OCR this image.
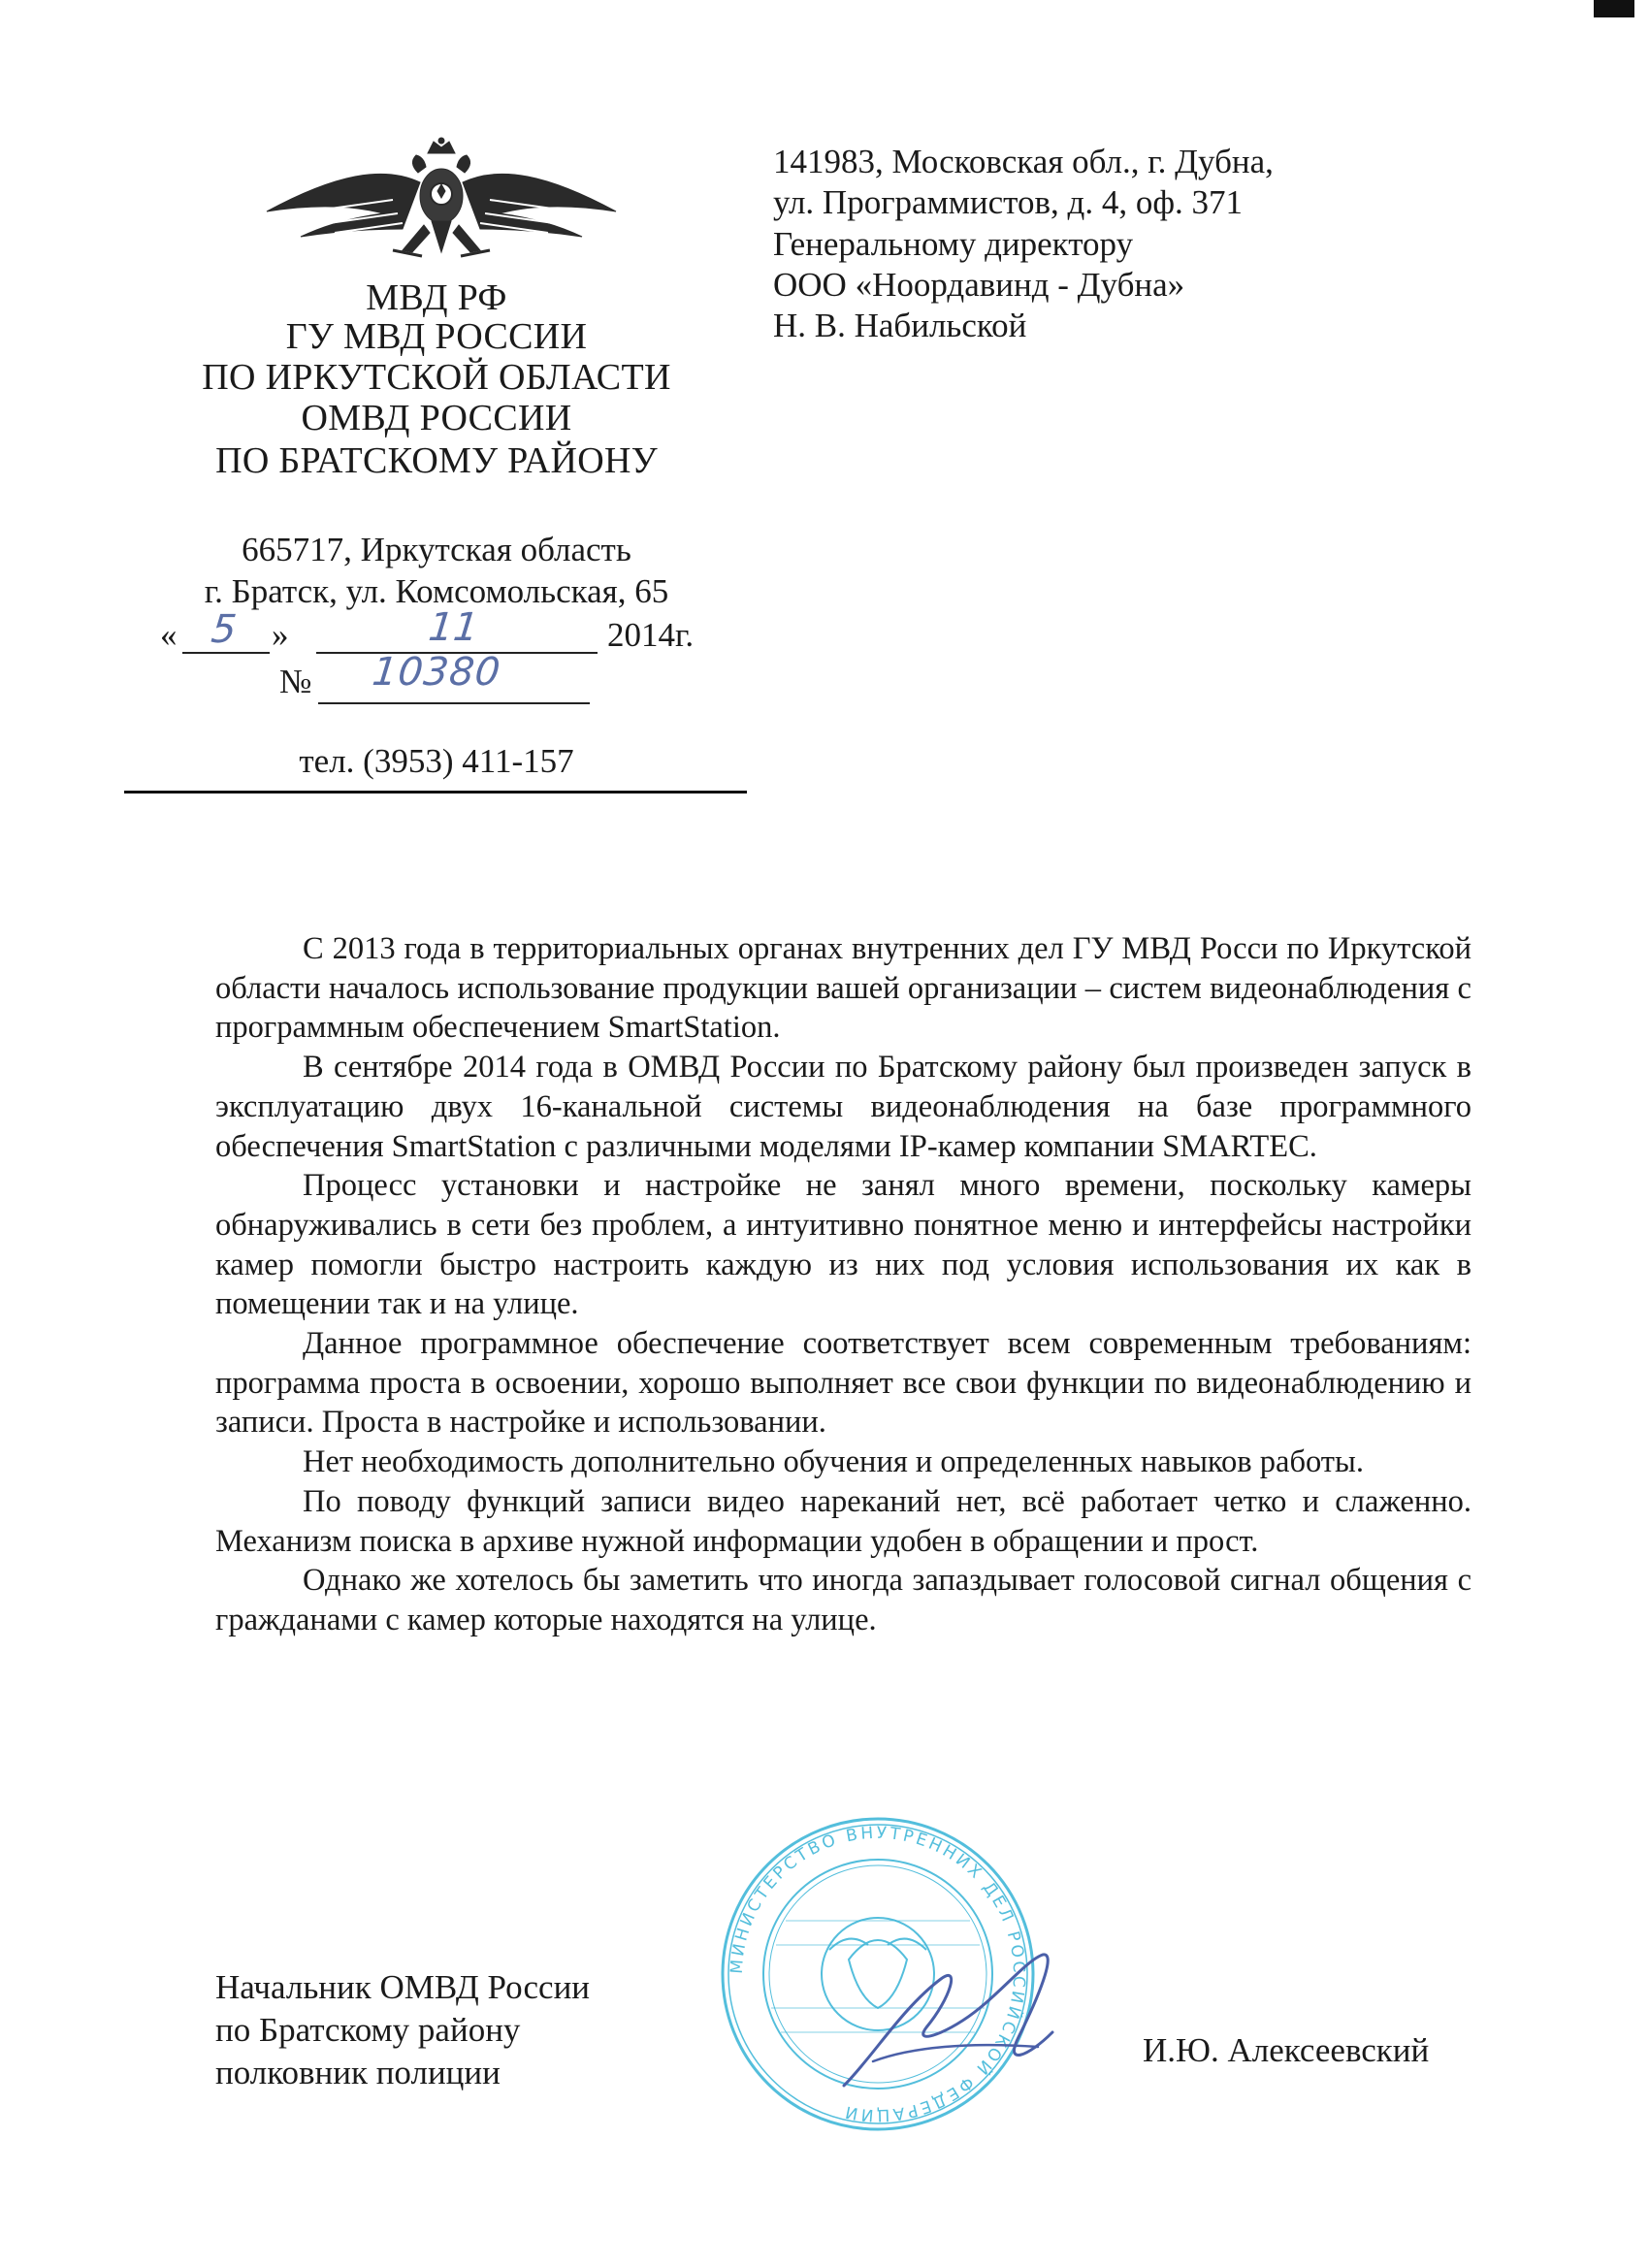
МВД РФ
ГУ МВД РОССИИ
ПО ИРКУТСКОЙ ОБЛАСТИ
ОМВД РОССИИ
ПО БРАТСКОМУ РАЙОНУ
665717, Иркутская область
г. Братск, ул. Комсомольская, 65
« 5 »	11	2014г.
№ 10380
тел. (3953) 411-157
141983, Московская обл., г. Дубна,
ул. Программистов, д. 4, оф. 371
Генеральному директору
ООО «Ноордавинд - Дубна»
Н. В. Набильской

С 2013 года в территориальных органах внутренних дел ГУ МВД Росси по Иркутской области началось использование продукции вашей организации – систем видеонаблюдения с программным обеспечением SmartStation.

В сентябре 2014 года в ОМВД России по Братскому району был произведен запуск в эксплуатацию двух 16-канальной системы видеонаблюдения на базе программного обеспечения SmartStation с различными моделями IP-камер компании SMARTEC.

Процесс установки и настройке не занял много времени, поскольку камеры обнаруживались в сети без проблем, а интуитивно понятное меню и интерфейсы настройки камер помогли быстро настроить каждую из них под условия использования их как в помещении так и на улице.

Данное программное обеспечение соответствует всем современным требованиям: программа проста в освоении, хорошо выполняет все свои функции по видеонаблюдению и записи. Проста в настройке и использовании.

Нет необходимость дополнительно обучения и определенных навыков работы.

По поводу функций записи видео нареканий нет, всё работает четко и слаженно. Механизм поиска в архиве нужной информации удобен в обращении и прост.

Однако же хотелось бы заметить что иногда запаздывает голосовой сигнал общения с гражданами с камер которые находятся на улице.

МИНИСТЕРСТВО ВНУТРЕННИХ ДЕЛ РОССИЙСКОЙ ФЕДЕРАЦИИ
Начальник ОМВД России
по Братскому району
полковник полиции
И.Ю. Алексеевский
